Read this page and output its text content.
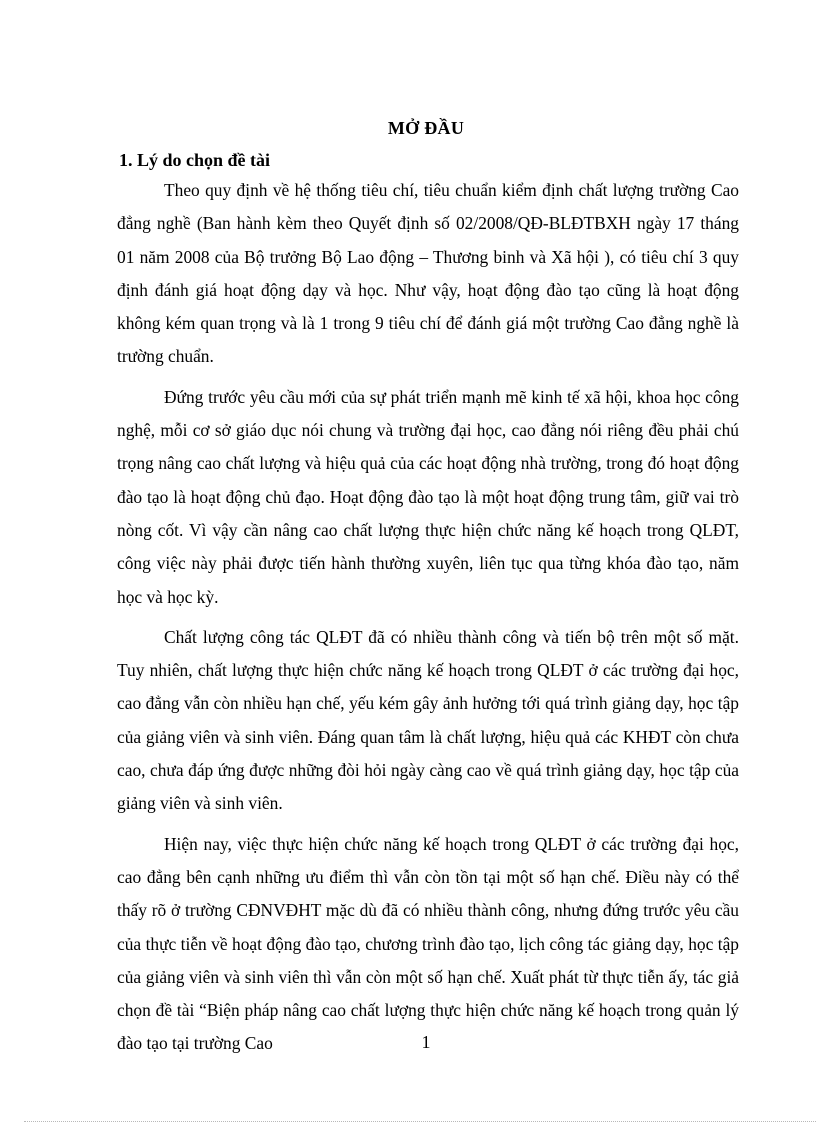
MỞ ĐẦU
1. Lý do chọn đề tài

Theo quy định về hệ thống tiêu chí, tiêu chuẩn kiểm định chất lượng trường Cao đẳng nghề (Ban hành kèm theo Quyết định số 02/2008/QĐ-BLĐTBXH ngày 17 tháng 01 năm 2008 của Bộ trưởng Bộ Lao động – Thương binh và Xã hội ), có tiêu chí 3 quy định đánh giá hoạt động dạy và học. Như vậy, hoạt động đào tạo cũng là hoạt động không kém quan trọng và là 1 trong 9 tiêu chí để đánh giá một trường Cao đẳng nghề là trường chuẩn.

Đứng trước yêu cầu mới của sự phát triển mạnh mẽ kinh tế xã hội, khoa học công nghệ, mỗi cơ sở giáo dục nói chung và trường đại học, cao đẳng nói riêng đều phải chú trọng nâng cao chất lượng và hiệu quả của các hoạt động nhà trường, trong đó hoạt động đào tạo là hoạt động chủ đạo. Hoạt động đào tạo là một hoạt động trung tâm, giữ vai trò nòng cốt. Vì vậy cần nâng cao chất lượng thực hiện chức năng kế hoạch trong QLĐT, công việc này phải được tiến hành thường xuyên, liên tục qua từng khóa đào tạo, năm học và học kỳ.

Chất lượng công tác QLĐT đã có nhiều thành công và tiến bộ trên một số mặt. Tuy nhiên, chất lượng thực hiện chức năng kế hoạch trong QLĐT ở các trường đại học, cao đẳng vẫn còn nhiều hạn chế, yếu kém gây ảnh hưởng tới quá trình giảng dạy, học tập của giảng viên và sinh viên. Đáng quan tâm là chất lượng, hiệu quả các KHĐT còn chưa cao, chưa đáp ứng được những đòi hỏi ngày càng cao về quá trình giảng dạy, học tập của giảng viên và sinh viên.

Hiện nay, việc thực hiện chức năng kế hoạch trong QLĐT ở các trường đại học, cao đẳng bên cạnh những ưu điểm thì vẫn còn tồn tại một số hạn chế. Điều này có thể thấy rõ ở trường CĐNVĐHT mặc dù đã có nhiều thành công, nhưng đứng trước yêu cầu của thực tiễn về hoạt động đào tạo, chương trình đào tạo, lịch công tác giảng dạy, học tập của giảng viên và sinh viên thì vẫn còn một số hạn chế. Xuất phát từ thực tiễn ấy, tác giả chọn đề tài “Biện pháp nâng cao chất lượng thực hiện chức năng kế hoạch trong quản lý đào tạo tại trường Cao	1
